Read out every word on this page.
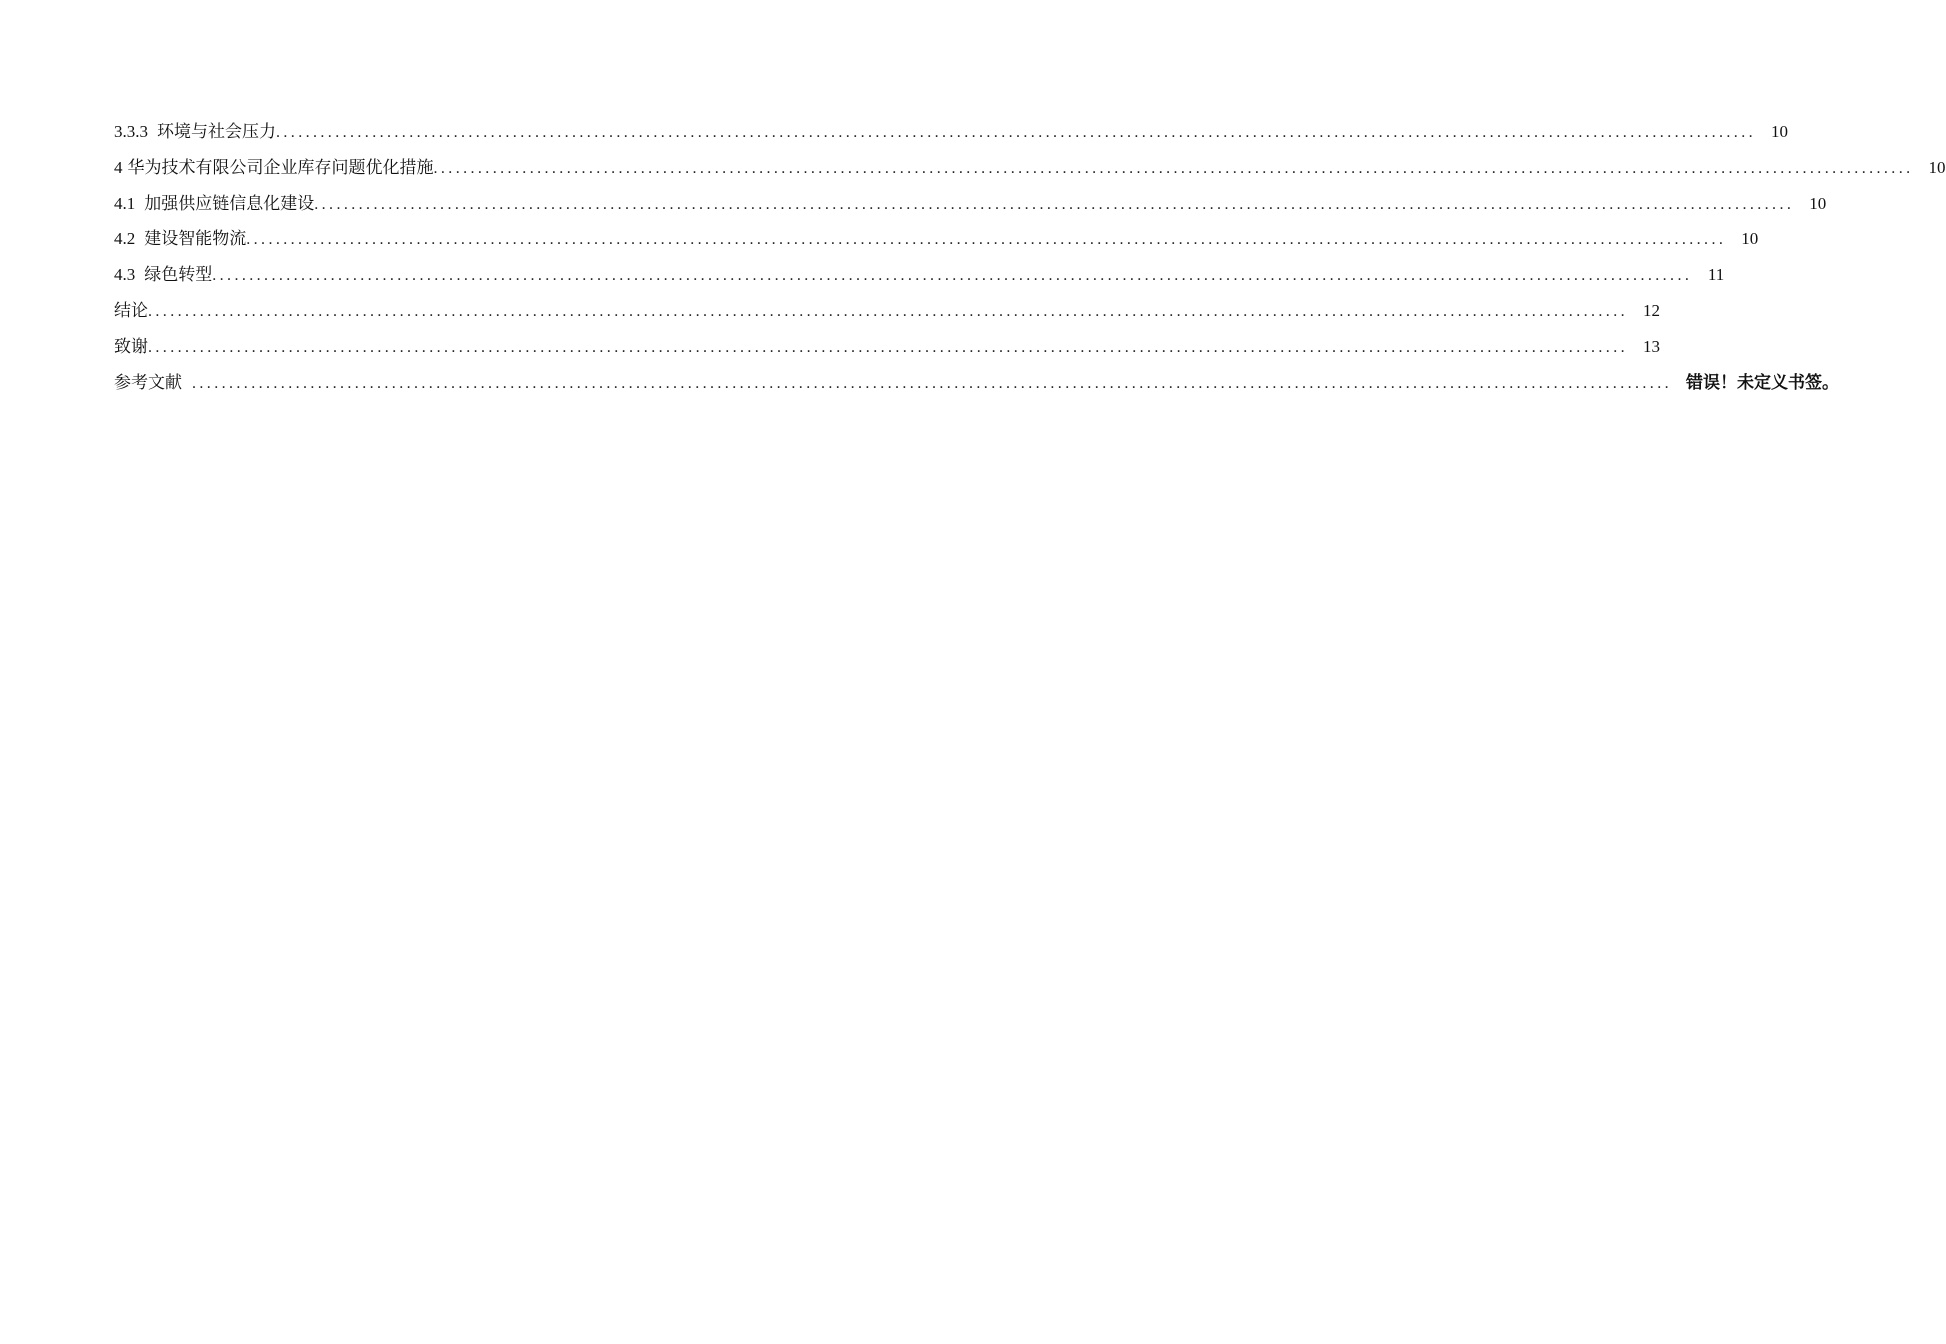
3.3.3 环境与社会压力 ........................................................................................................................................................................................................ 10
4 华为技术有限公司企业库存问题优化措施 ........................................................................................................................................................................................................ 10
4.1 加强供应链信息化建设 ........................................................................................................................................................................................................ 10
4.2 建设智能物流 ........................................................................................................................................................................................................ 10
4.3 绿色转型 ........................................................................................................................................................................................................ 11
结论 ........................................................................................................................................................................................................ 12
致谢 ........................................................................................................................................................................................................ 13
参考文献 ........................................................................................................................................................................................................ 错误！未定义书签。
